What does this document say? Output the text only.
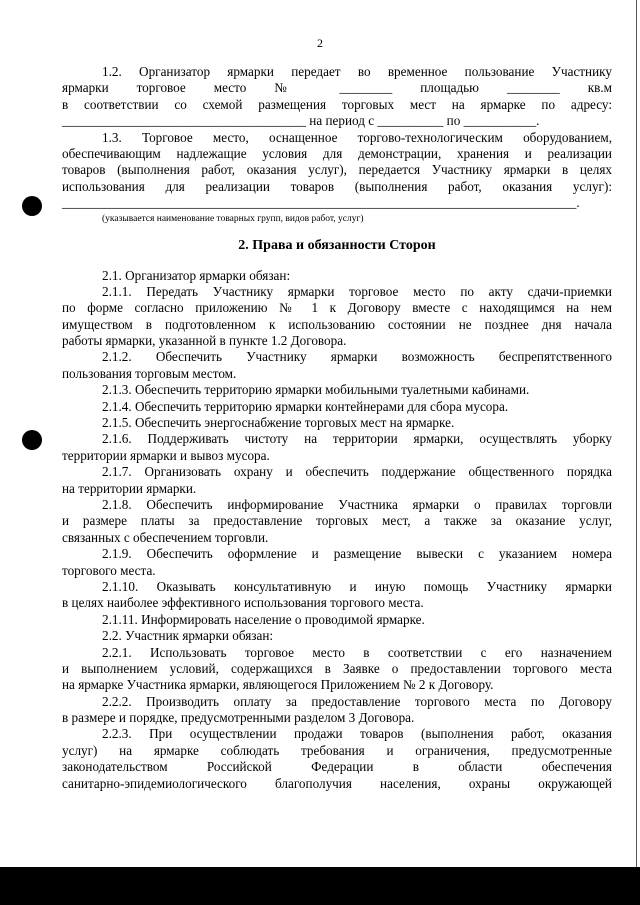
2
1.2. Организатор ярмарки передает во временное пользование Участнику
ярмарки торговое место № ________ площадью ________ кв.м
в соответствии со схемой размещения торговых мест на ярмарке по адресу:
_____________________________________ на период с __________ по ___________.
1.3. Торговое место, оснащенное торгово-технологическим оборудованием,
обеспечивающим надлежащие условия для демонстрации, хранения и реализации
товаров (выполнения работ, оказания услуг), передается Участнику ярмарки в целях
использования для реализации товаров (выполнения работ, оказания услуг):
______________________________________________________________________________.
(указывается наименование товарных групп, видов работ, услуг)
2. Права и обязанности Сторон
2.1. Организатор ярмарки обязан:
2.1.1. Передать Участнику ярмарки торговое место по акту сдачи-приемки
по форме согласно приложению № 1 к Договору вместе с находящимся на нем
имуществом в подготовленном к использованию состоянии не позднее дня начала
работы ярмарки, указанной в пункте 1.2 Договора.
2.1.2. Обеспечить Участнику ярмарки возможность беспрепятственного
пользования торговым местом.
2.1.3. Обеспечить территорию ярмарки мобильными туалетными кабинами.
2.1.4. Обеспечить территорию ярмарки контейнерами для сбора мусора.
2.1.5. Обеспечить энергоснабжение торговых мест на ярмарке.
2.1.6. Поддерживать чистоту на территории ярмарки, осуществлять уборку
территории ярмарки и вывоз мусора.
2.1.7. Организовать охрану и обеспечить поддержание общественного порядка
на территории ярмарки.
2.1.8. Обеспечить информирование Участника ярмарки о правилах торговли
и размере платы за предоставление торговых мест, а также за оказание услуг,
связанных с обеспечением торговли.
2.1.9. Обеспечить оформление и размещение вывески с указанием номера
торгового места.
2.1.10. Оказывать консультативную и иную помощь Участнику ярмарки
в целях наиболее эффективного использования торгового места.
2.1.11. Информировать население о проводимой ярмарке.
2.2. Участник ярмарки обязан:
2.2.1. Использовать торговое место в соответствии с его назначением
и выполнением условий, содержащихся в Заявке о предоставлении торгового места
на ярмарке Участника ярмарки, являющегося Приложением № 2 к Договору.
2.2.2. Производить оплату за предоставление торгового места по Договору
в размере и порядке, предусмотренными разделом 3 Договора.
2.2.3. При осуществлении продажи товаров (выполнения работ, оказания
услуг) на ярмарке соблюдать требования и ограничения, предусмотренные
законодательством Российской Федерации в области обеспечения
санитарно-эпидемиологического благополучия населения, охраны окружающей
